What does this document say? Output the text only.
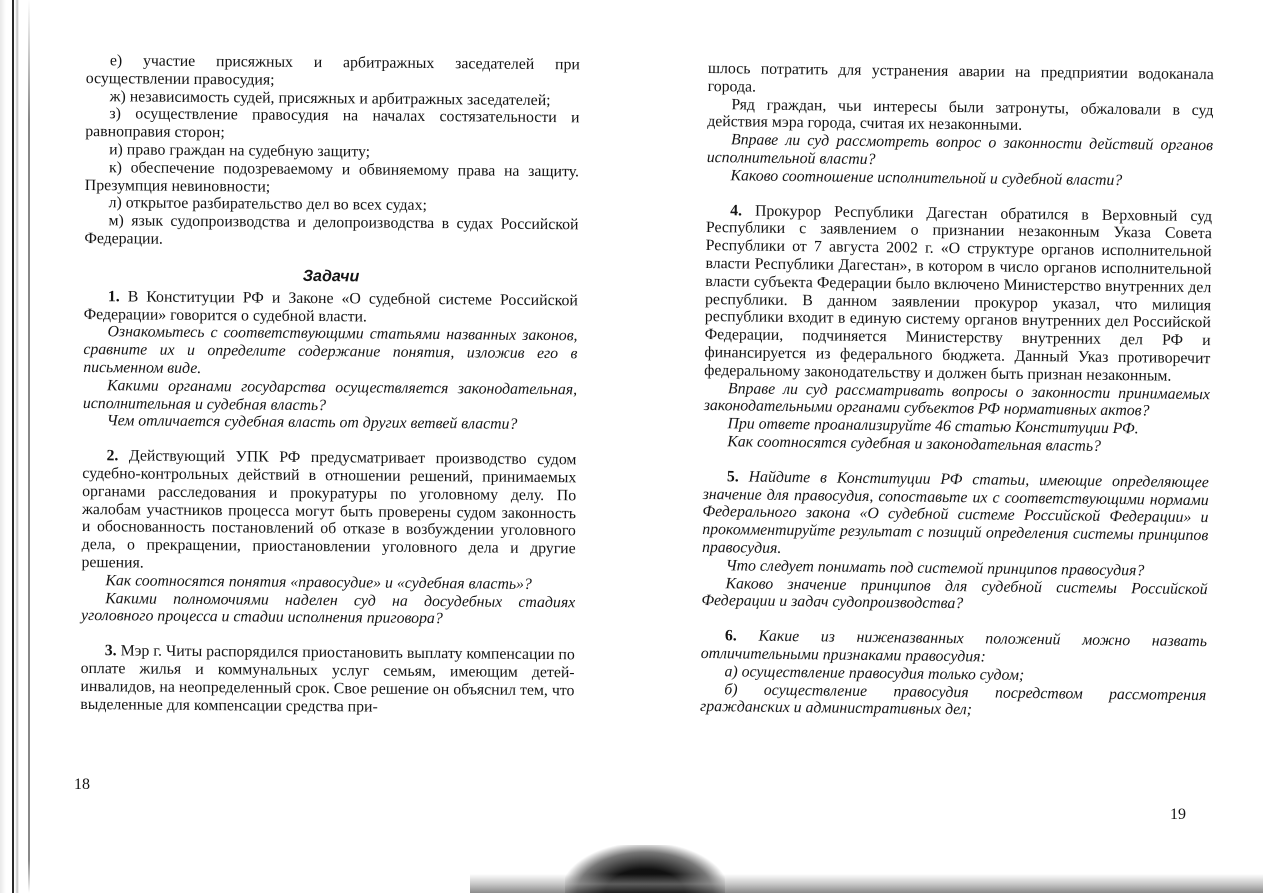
е) участие присяжных и арбитражных заседателей при осуществлении правосудия;

ж) независимость судей, присяжных и арбитражных заседателей;

з) осуществление правосудия на началах состязательности и равноправия сторон;

и) право граждан на судебную защиту;

к) обеспечение подозреваемому и обвиняемому права на защиту. Презумпция невиновности;

л) открытое разбирательство дел во всех судах;

м) язык судопроизводства и делопроизводства в судах Российской Федерации.

Задачи

1. В Конституции РФ и Законе «О судебной системе Российской Федерации» говорится о судебной власти.

Ознакомьтесь с соответствующими статьями названных законов, сравните их и определите содержание понятия, изложив его в письменном виде.

Какими органами государства осуществляется законодательная, исполнительная и судебная власть?

Чем отличается судебная власть от других ветвей власти?

2. Действующий УПК РФ предусматривает производство судом судебно-контрольных действий в отношении решений, принимаемых органами расследования и прокуратуры по уголовному делу. По жалобам участников процесса могут быть проверены судом законность и обоснованность постановлений об отказе в возбуждении уголовного дела, о прекращении, приостановлении уголовного дела и другие решения.

Как соотносятся понятия «правосудие» и «судебная власть»?

Какими полномочиями наделен суд на досудебных стадиях уголовного процесса и стадии исполнения приговора?

3. Мэр г. Читы распорядился приостановить выплату компенсации по оплате жилья и коммунальных услуг семьям, имеющим детей-инвалидов, на неопределенный срок. Свое решение он объяснил тем, что выделенные для компенсации средства при-

18

шлось потратить для устранения аварии на предприятии водоканала города.

Ряд граждан, чьи интересы были затронуты, обжаловали в суд действия мэра города, считая их незаконными.

Вправе ли суд рассмотреть вопрос о законности действий органов исполнительной власти?

Каково соотношение исполнительной и судебной власти?

4. Прокурор Республики Дагестан обратился в Верховный суд Республики с заявлением о признании незаконным Указа Совета Республики от 7 августа 2002 г. «О структуре органов исполнительной власти Республики Дагестан», в котором в число органов исполнительной власти субъекта Федерации было включено Министерство внутренних дел республики. В данном заявлении прокурор указал, что милиция республики входит в единую систему органов внутренних дел Российской Федерации, подчиняется Министерству внутренних дел РФ и финансируется из федерального бюджета. Данный Указ противоречит федеральному законодательству и должен быть признан незаконным.

Вправе ли суд рассматривать вопросы о законности принимаемых законодательными органами субъектов РФ нормативных актов?

При ответе проанализируйте 46 статью Конституции РФ.

Как соотносятся судебная и законодательная власть?

5. Найдите в Конституции РФ статьи, имеющие определяющее значение для правосудия, сопоставьте их с соответствующими нормами Федерального закона «О судебной системе Российской Федерации» и прокомментируйте результат с позиций определения системы принципов правосудия.

Что следует понимать под системой принципов правосудия?

Каково значение принципов для судебной системы Российской Федерации и задач судопроизводства?

6. Какие из ниженазванных положений можно назвать отличительными признаками правосудия:

а) осуществление правосудия только судом;

б) осуществление правосудия посредством рассмотрения гражданских и административных дел;

19
